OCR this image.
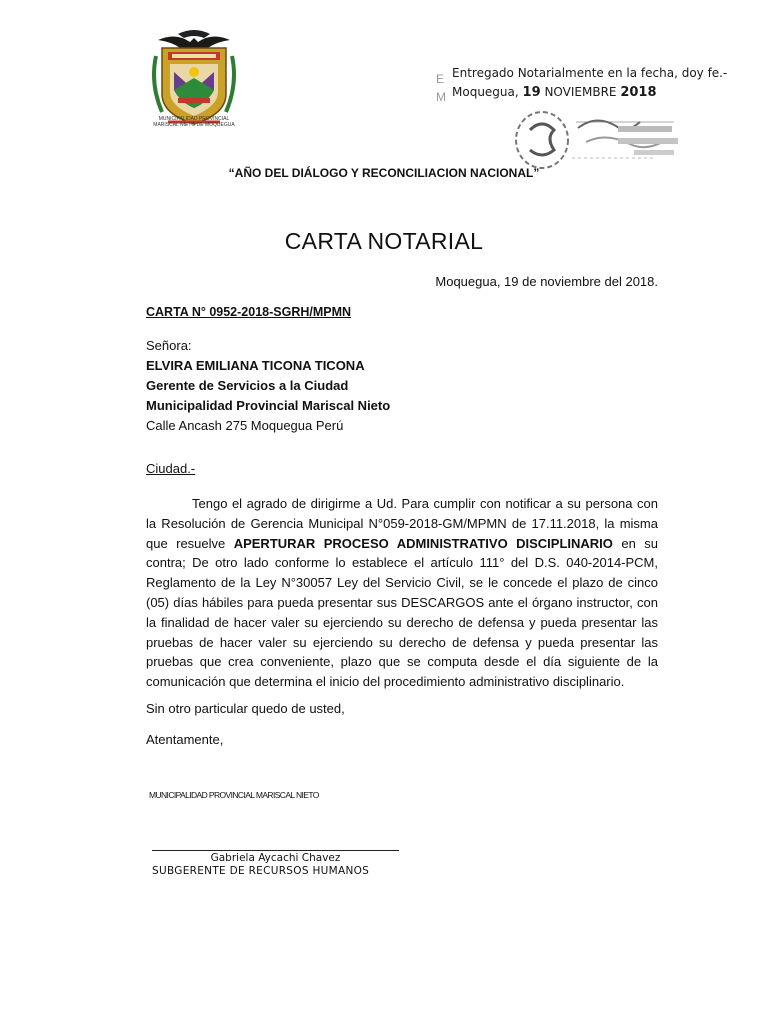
MUNICIPALIDAD PROVINCIAL MARISCAL NIETO DE MOQUEGUA
E
M
Entregado Notarialmente en la fecha, doy fe.-
Moquegua, 19 NOVIEMBRE 2018
“AÑO DEL DIÁLOGO Y RECONCILIACION NACIONAL”
CARTA NOTARIAL
Moquegua, 19 de noviembre del 2018.
CARTA N° 0952-2018-SGRH/MPMN
Señora:
ELVIRA EMILIANA TICONA TICONA
Gerente de Servicios a la Ciudad
Municipalidad Provincial Mariscal Nieto
Calle Ancash 275 Moquegua Perú
Ciudad.-
Tengo el agrado de dirigirme a Ud. Para cumplir con notificar a su persona con la Resolución de Gerencia Municipal N°059-2018-GM/MPMN de 17.11.2018, la misma que resuelve APERTURAR PROCESO ADMINISTRATIVO DISCIPLINARIO en su contra; De otro lado conforme lo establece el artículo 111° del D.S. 040-2014-PCM, Reglamento de la Ley N°30057 Ley del Servicio Civil, se le concede el plazo de cinco (05) días hábiles para pueda presentar sus DESCARGOS ante el órgano instructor, con la finalidad de hacer valer su ejerciendo su derecho de defensa y pueda presentar las pruebas de hacer valer su ejerciendo su derecho de defensa y pueda presentar las pruebas que crea conveniente, plazo que se computa desde el día siguiente de la comunicación que determina el inicio del procedimiento administrativo disciplinario.
Sin otro particular quedo de usted,
Atentamente,
MUNICIPALIDAD PROVINCIAL MARISCAL NIETO
Gabriela Aycachi Chavez
SUBGERENTE DE RECURSOS HUMANOS
